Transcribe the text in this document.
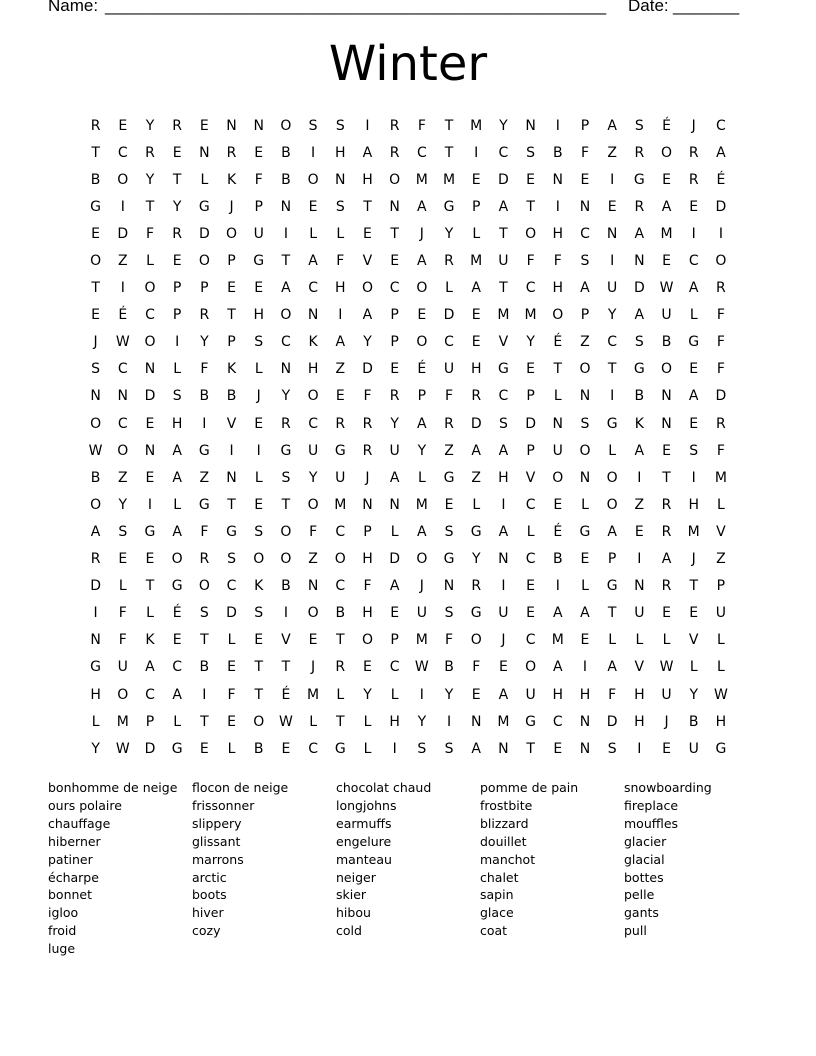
Name: _____________________________________________________ Date: _______
Winter
R	E	Y	R	E	N	N	O	S	S	I	R	F	T	M	Y	N	I	P	A	S	É	J	C
T	C	R	E	N	R	E	B	I	H	A	R	C	T	I	C	S	B	F	Z	R	O	R	A
B	O	Y	T	L	K	F	B	O	N	H	O	M	M	E	D	E	N	E	I	G	E	R	É
G	I	T	Y	G	J	P	N	E	S	T	N	A	G	P	A	T	I	N	E	R	A	E	D
E	D	F	R	D	O	U	I	L	L	E	T	J	Y	L	T	O	H	C	N	A	M	I	I
O	Z	L	E	O	P	G	T	A	F	V	E	A	R	M	U	F	F	S	I	N	E	C	O
T	I	O	P	P	E	E	A	C	H	O	C	O	L	A	T	C	H	A	U	D	W	A	R
E	É	C	P	R	T	H	O	N	I	A	P	E	D	E	M	M	O	P	Y	A	U	L	F
J	W	O	I	Y	P	S	C	K	A	Y	P	O	C	E	V	Y	É	Z	C	S	B	G	F
S	C	N	L	F	K	L	N	H	Z	D	E	É	U	H	G	E	T	O	T	G	O	E	F
N	N	D	S	B	B	J	Y	O	E	F	R	P	F	R	C	P	L	N	I	B	N	A	D
O	C	E	H	I	V	E	R	C	R	R	Y	A	R	D	S	D	N	S	G	K	N	E	R
W	O	N	A	G	I	I	G	U	G	R	U	Y	Z	A	A	P	U	O	L	A	E	S	F
B	Z	E	A	Z	N	L	S	Y	U	J	A	L	G	Z	H	V	O	N	O	I	T	I	M
O	Y	I	L	G	T	E	T	O	M	N	N	M	E	L	I	C	E	L	O	Z	R	H	L
A	S	G	A	F	G	S	O	F	C	P	L	A	S	G	A	L	É	G	A	E	R	M	V
R	E	E	O	R	S	O	O	Z	O	H	D	O	G	Y	N	C	B	E	P	I	A	J	Z
D	L	T	G	O	C	K	B	N	C	F	A	J	N	R	I	E	I	L	G	N	R	T	P
I	F	L	É	S	D	S	I	O	B	H	E	U	S	G	U	E	A	A	T	U	E	E	U
N	F	K	E	T	L	E	V	E	T	O	P	M	F	O	J	C	M	E	L	L	L	V	L
G	U	A	C	B	E	T	T	J	R	E	C	W	B	F	E	O	A	I	A	V	W	L	L
H	O	C	A	I	F	T	É	M	L	Y	L	I	Y	E	A	U	H	H	F	H	U	Y	W
L	M	P	L	T	E	O	W	L	T	L	H	Y	I	N	M	G	C	N	D	H	J	B	H
Y	W	D	G	E	L	B	E	C	G	L	I	S	S	A	N	T	E	N	S	I	E	U	G
bonhomme de neige
ours polaire
chauffage
hiberner
patiner
écharpe
bonnet
igloo
froid
luge
flocon de neige
frissonner
slippery
glissant
marrons
arctic
boots
hiver
cozy
chocolat chaud
longjohns
earmuffs
engelure
manteau
neiger
skier
hibou
cold
pomme de pain
frostbite
blizzard
douillet
manchot
chalet
sapin
glace
coat
snowboarding
fireplace
mouffles
glacier
glacial
bottes
pelle
gants
pull
